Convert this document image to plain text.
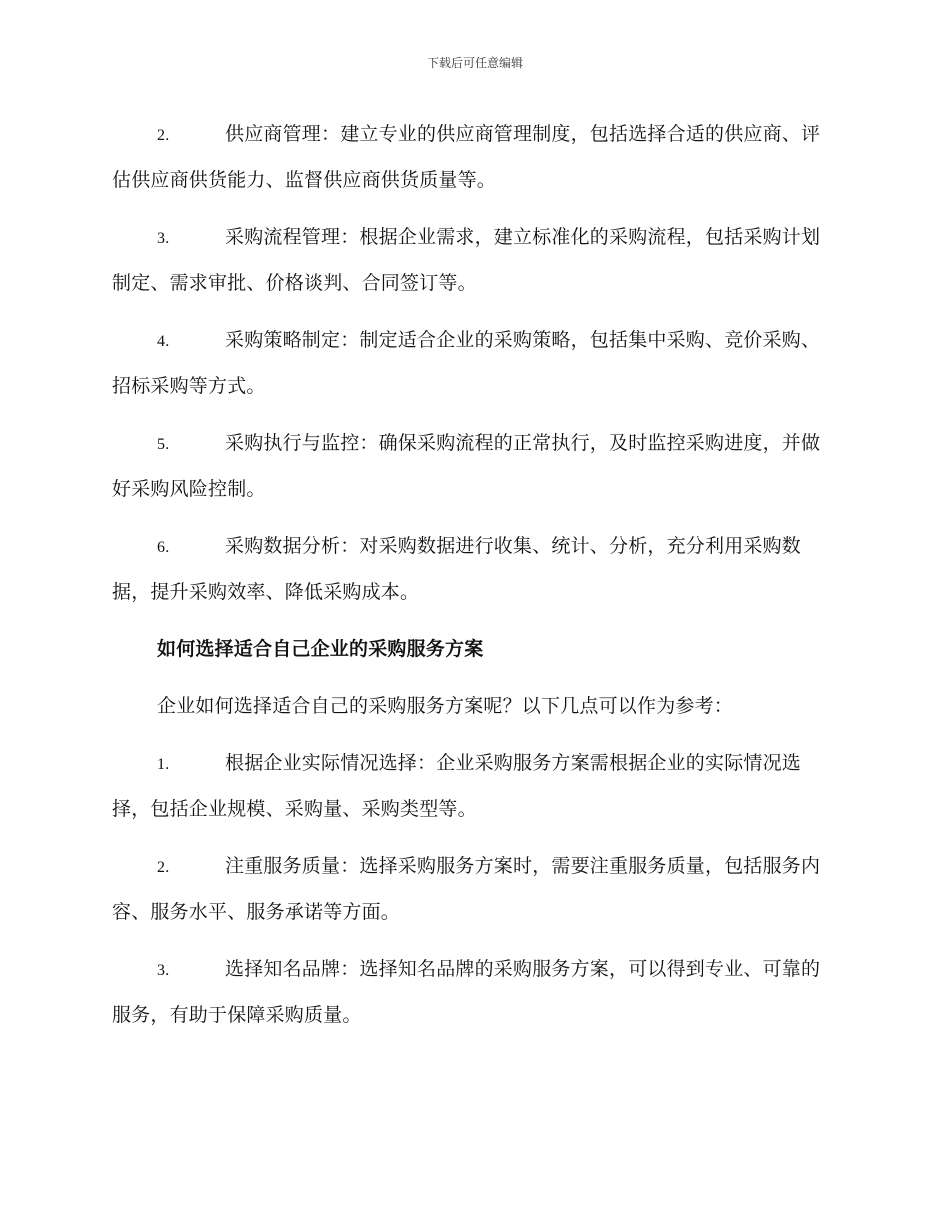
下载后可任意编辑
2.	供应商管理：建立专业的供应商管理制度，包括选择合适的供应商、评估供应商供货能力、监督供应商供货质量等。
3.	采购流程管理：根据企业需求，建立标准化的采购流程，包括采购计划制定、需求审批、价格谈判、合同签订等。
4.	采购策略制定：制定适合企业的采购策略，包括集中采购、竞价采购、招标采购等方式。
5.	采购执行与监控：确保采购流程的正常执行，及时监控采购进度，并做好采购风险控制。
6.	采购数据分析：对采购数据进行收集、统计、分析，充分利用采购数据，提升采购效率、降低采购成本。
如何选择适合自己企业的采购服务方案
企业如何选择适合自己的采购服务方案呢？以下几点可以作为参考：
1.	根据企业实际情况选择：企业采购服务方案需根据企业的实际情况选择，包括企业规模、采购量、采购类型等。
2.	注重服务质量：选择采购服务方案时，需要注重服务质量，包括服务内容、服务水平、服务承诺等方面。
3.	选择知名品牌：选择知名品牌的采购服务方案，可以得到专业、可靠的服务，有助于保障采购质量。
